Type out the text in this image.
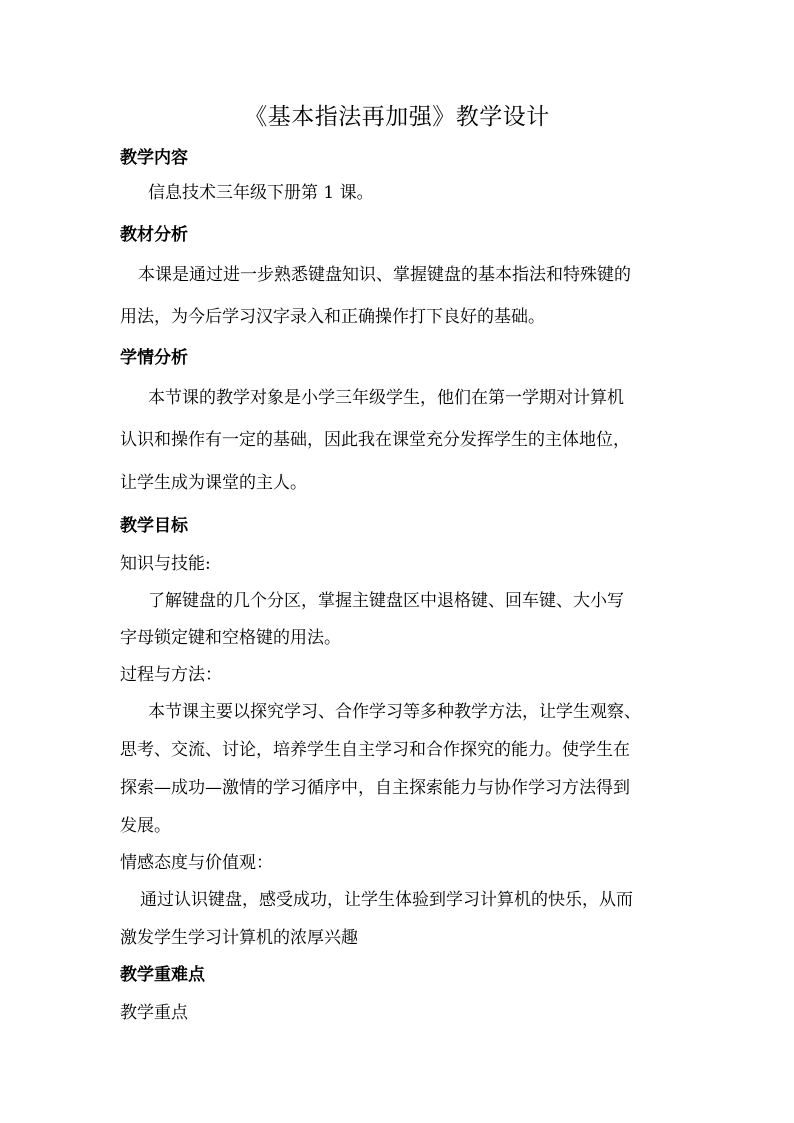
《基本指法再加强》教学设计
教学内容
信息技术三年级下册第 1 课。
教材分析
本课是通过进一步熟悉键盘知识、掌握键盘的基本指法和特殊键的
用法，为今后学习汉字录入和正确操作打下良好的基础。
学情分析
本节课的教学对象是小学三年级学生，他们在第一学期对计算机
认识和操作有一定的基础，因此我在课堂充分发挥学生的主体地位，
让学生成为课堂的主人。
教学目标
知识与技能:
了解键盘的几个分区，掌握主键盘区中退格键、回车键、大小写
字母锁定键和空格键的用法。
过程与方法：
本节课主要以探究学习、合作学习等多种教学方法，让学生观察、
思考、交流、讨论，培养学生自主学习和合作探究的能力。使学生在
探索—成功—激情的学习循序中，自主探索能力与协作学习方法得到
发展。
情感态度与价值观：
通过认识键盘，感受成功，让学生体验到学习计算机的快乐，从而
激发学生学习计算机的浓厚兴趣
教学重难点
教学重点
